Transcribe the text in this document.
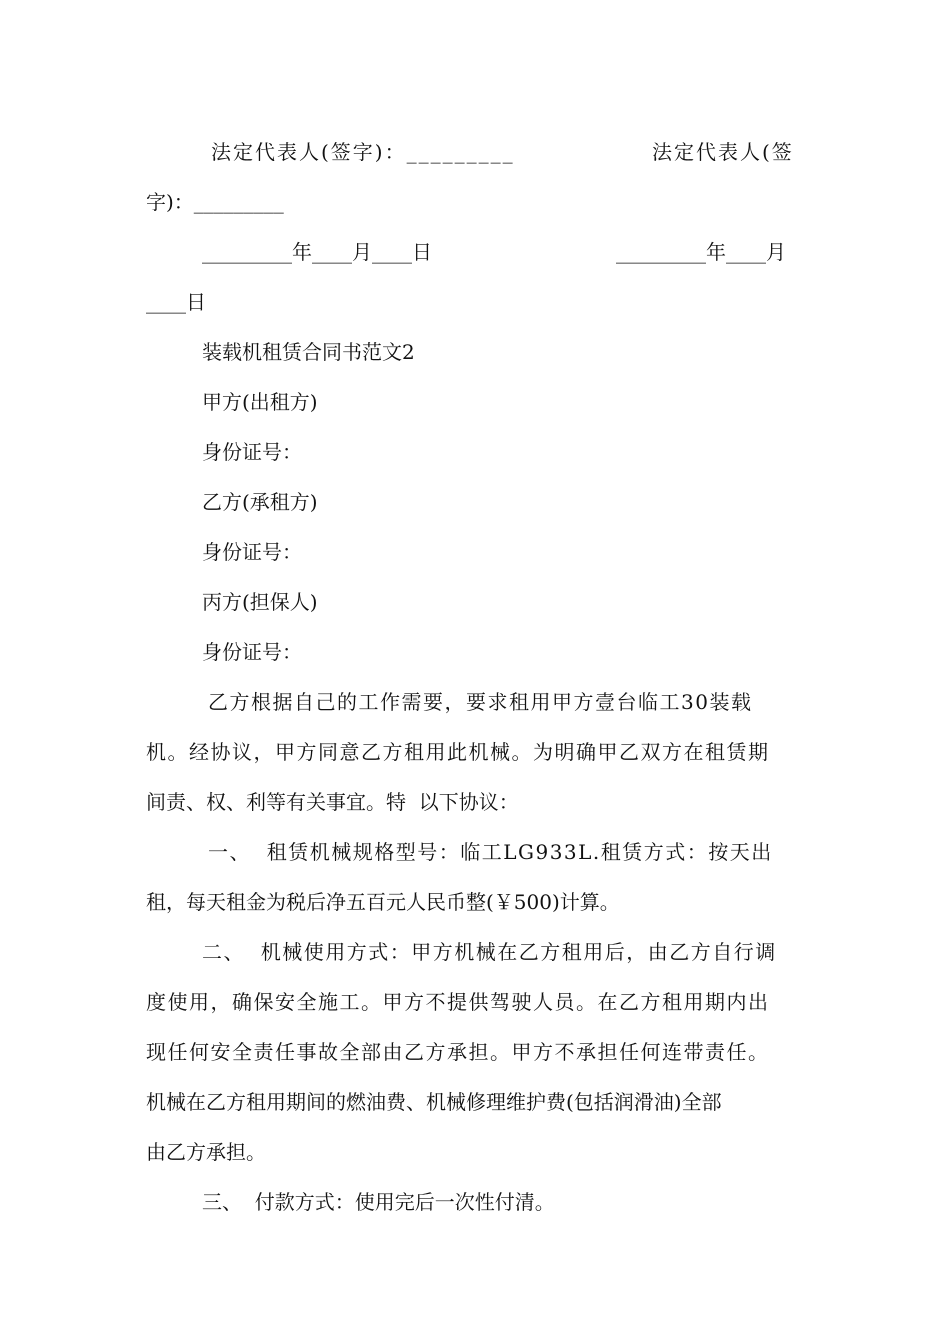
法定代表人(签字)：_________	法定代表人(签
字)：_________
_________年____月____日	_________年____月
____日
装载机租赁合同书范文2
甲方(出租方)
身份证号：
乙方(承租方)
身份证号：
丙方(担保人)
身份证号：
乙方根据自己的工作需要，要求租用甲方壹台临工30装载
机。经协议，甲方同意乙方租用此机械。为明确甲乙双方在租赁期
间责、权、利等有关事宜。特  以下协议：
一、  租赁机械规格型号：临工LG933L.租赁方式：按天出
租，每天租金为税后净五百元人民币整(￥500)计算。
二、  机械使用方式：甲方机械在乙方租用后，由乙方自行调
度使用，确保安全施工。甲方不提供驾驶人员。在乙方租用期内出
现任何安全责任事故全部由乙方承担。甲方不承担任何连带责任。
机械在乙方租用期间的燃油费、机械修理维护费(包括润滑油)全部
由乙方承担。
三、  付款方式：使用完后一次性付清。
